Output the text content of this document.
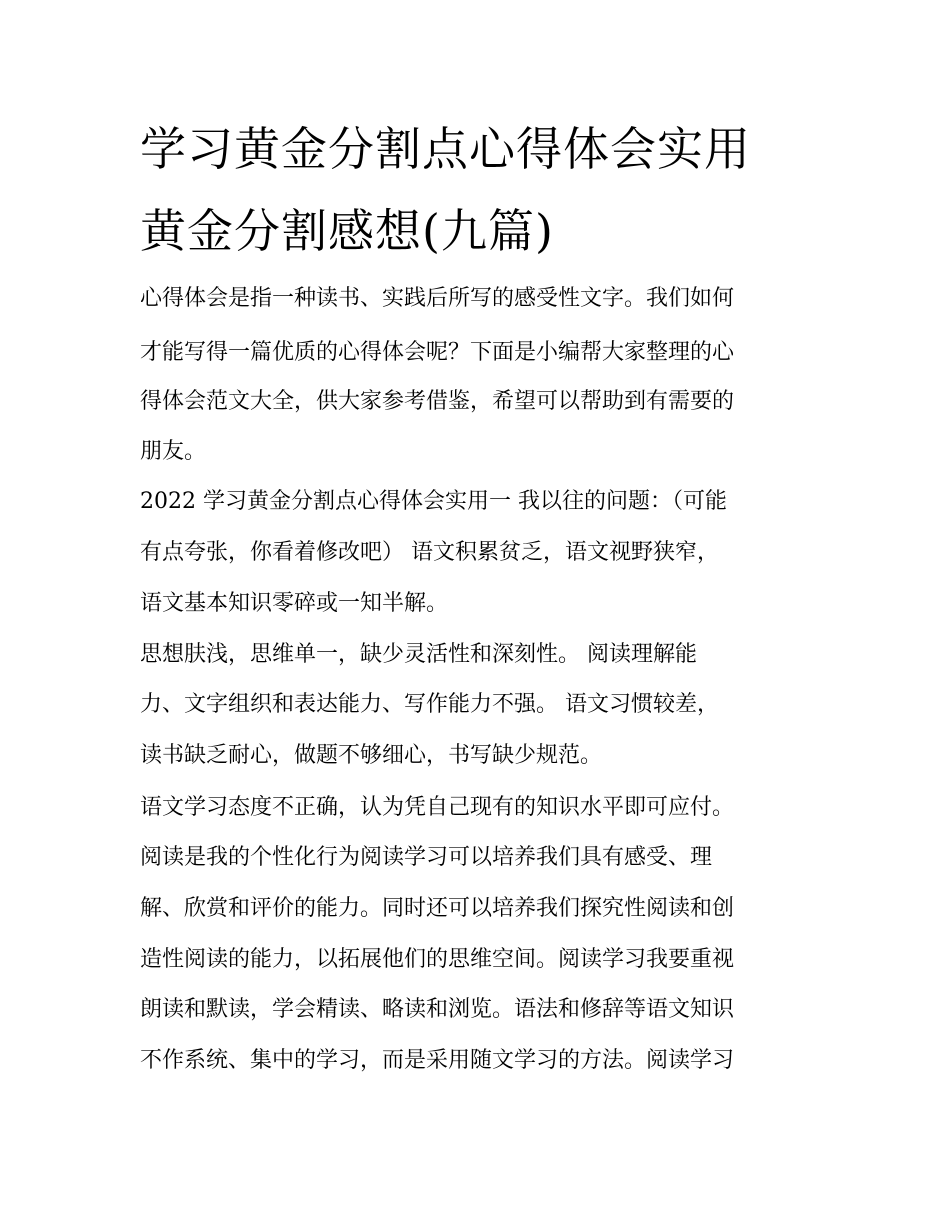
学习黄金分割点心得体会实用
黄金分割感想(九篇)

心得体会是指一种读书、实践后所写的感受性文字。我们如何

才能写得一篇优质的心得体会呢？下面是小编帮大家整理的心

得体会范文大全，供大家参考借鉴，希望可以帮助到有需要的

朋友。

2022 学习黄金分割点心得体会实用一 我以往的问题：（可能

有点夸张，你看着修改吧） 语文积累贫乏，语文视野狭窄，

语文基本知识零碎或一知半解。

思想肤浅，思维单一，缺少灵活性和深刻性。 阅读理解能

力、文字组织和表达能力、写作能力不强。 语文习惯较差，

读书缺乏耐心，做题不够细心，书写缺少规范。

语文学习态度不正确，认为凭自己现有的知识水平即可应付。

阅读是我的个性化行为阅读学习可以培养我们具有感受、理

解、欣赏和评价的能力。同时还可以培养我们探究性阅读和创

造性阅读的能力，以拓展他们的思维空间。阅读学习我要重视

朗读和默读，学会精读、略读和浏览。语法和修辞等语文知识

不作系统、集中的学习，而是采用随文学习的方法。阅读学习
